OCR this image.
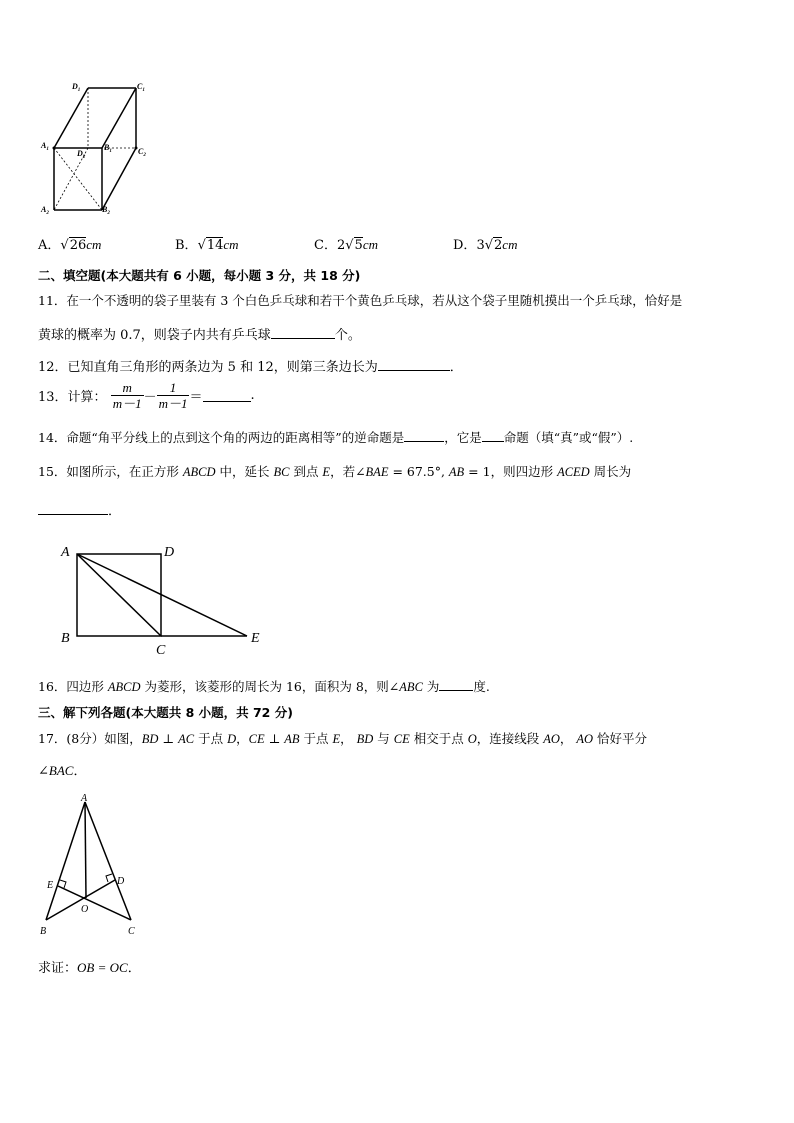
$D_1$	$C_1$
$A_1$	$D_2$
$B_1$	$C_2$
$A_2$	$B_2$
A．√26cm	B．√14cm	C．2√5cm	D．3√2cm
二、填空题(本大题共有 6 小题，每小题 3 分，共 18 分)
11．在一个不透明的袋子里装有 3 个白色乒乓球和若干个黄色乒乓球，若从这个袋子里随机摸出一个乒乓球，恰好是
黄球的概率为 0.7，则袋子内共有乒乓球	个。
12．已知直角三角形的两条边为 5 和 12，则第三条边长为	．
13．计算： $\frac{m}{m-1} - \frac{1}{m-1}$ ＝	.
14．命题“角平分线上的点到这个角的两边的距离相等”的逆命题是	，它是 命题（填“真”或“假”）.
15．如图所示，在正方形 ABCD 中，延长 BC 到点 E，若∠BAE = 67.5°, AB = 1，则四边形 ACED 周长为
．
A	D
B
C
E
16．四边形 ABCD 为菱形，该菱形的周长为 16，面积为 8，则∠ABC 为	度.
三、解下列各题(本大题共 8 小题，共 72 分)
17．(8分）如图，BD ⊥ AC 于点 D，CE ⊥ AB 于点 E， BD 与 CE 相交于点 O，连接线段 AO， AO 恰好平分
∠BAC．
A
E	D
O
B	C
求证：OB = OC．
